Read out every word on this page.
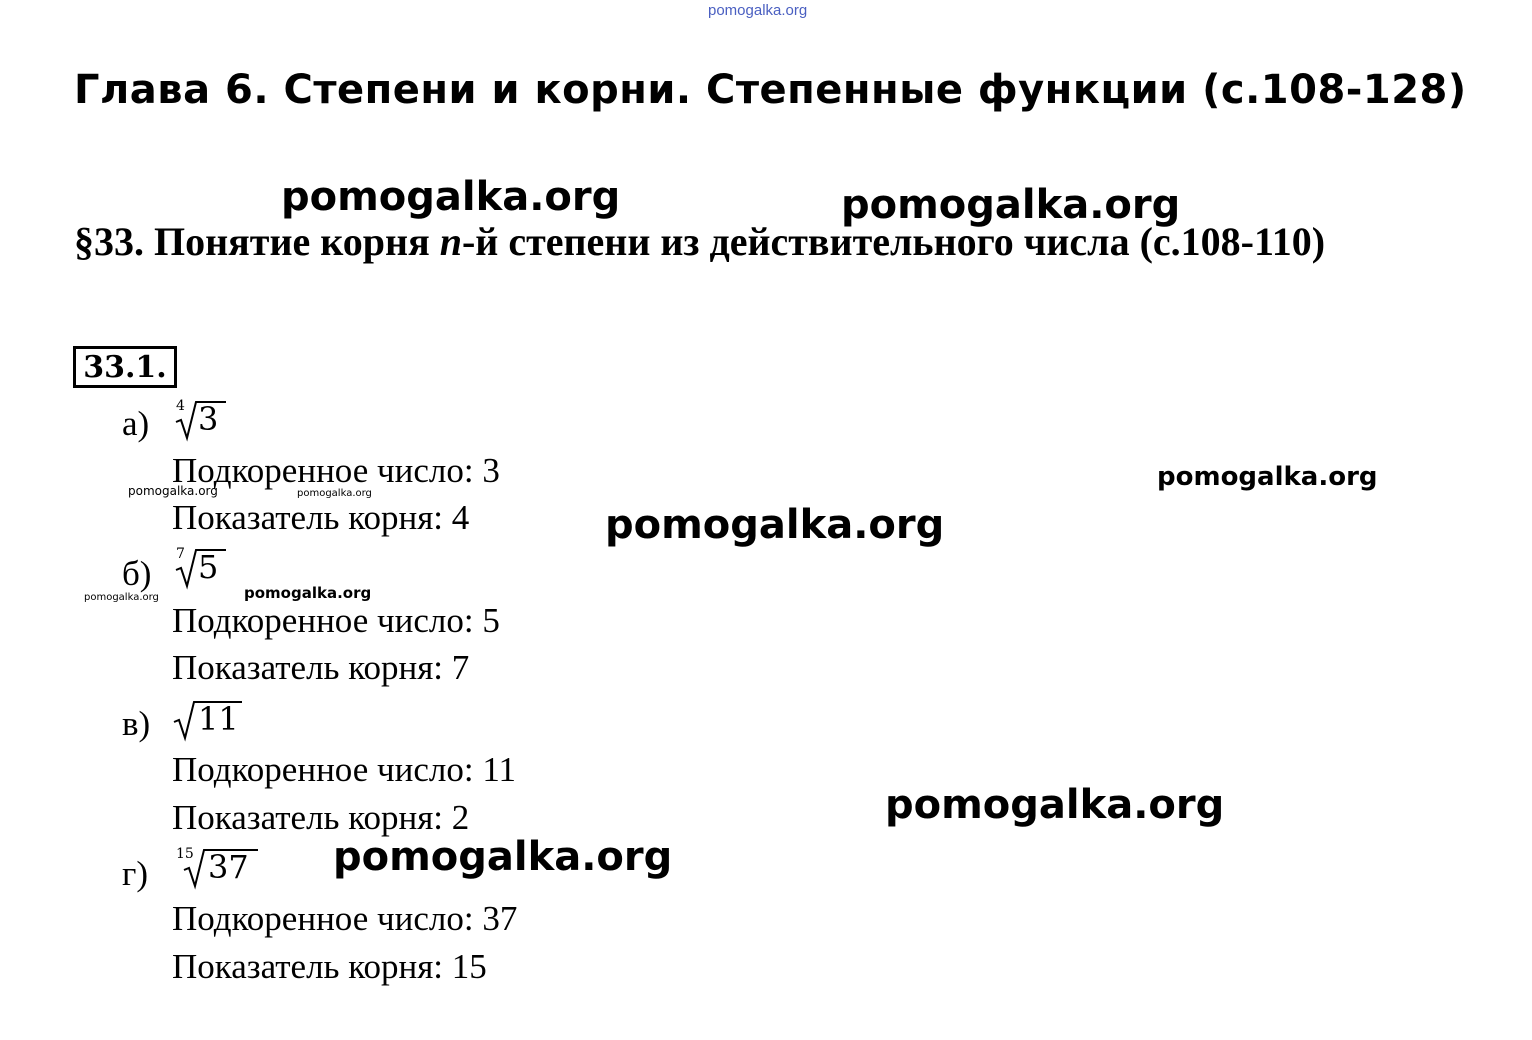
pomogalka.org
Глава 6. Степени и корни. Степенные функции (с.108-128)
§33. Понятие корня n-й степени из действительного числа (с.108-110)
pomogalka.org	pomogalka.org
pomogalka.org
pomogalka.org
pomogalka.org
pomogalka.org
pomogalka.org	pomogalka.org
pomogalka.org
pomogalka.org
33.1.
а) 4 3
Подкоренное число: 3
Показатель корня: 4
б) 7 5
Подкоренное число: 5
Показатель корня: 7
в) 11
Подкоренное число: 11
Показатель корня: 2
г) 15 37
Подкоренное число: 37
Показатель корня: 15
